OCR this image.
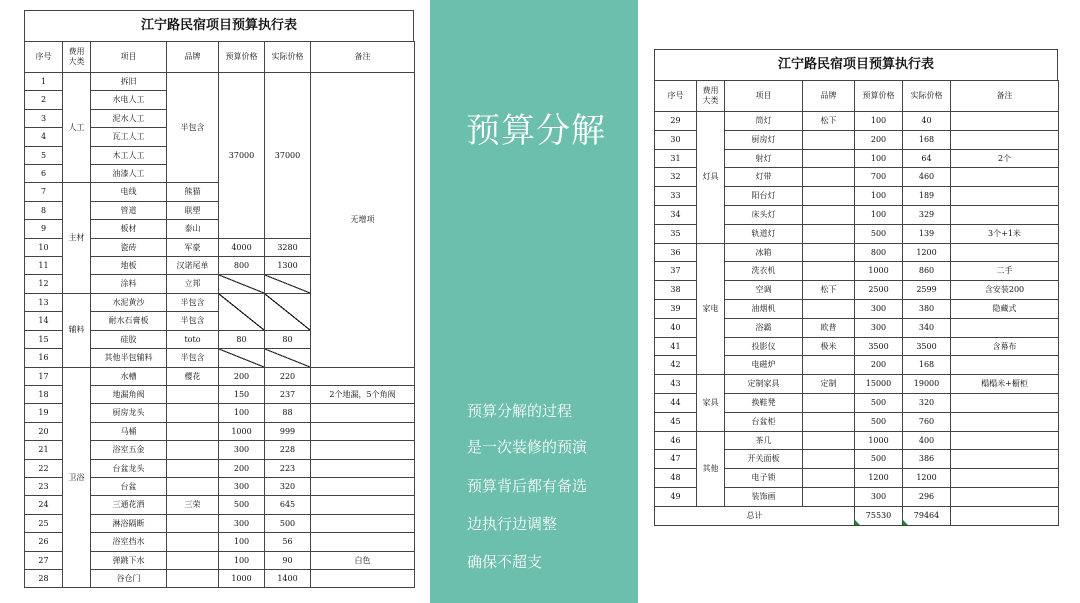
江宁路民宿项目预算执行表
序号	费用大类	项目	品牌	预算价格	实际价格	备注
1	人工	拆旧	半包含	37000	37000	无增项
2		水电人工				
3		泥水人工				
4		瓦工人工				
5		木工人工				
6		油漆人工				
7	主材	电线	熊猫			
8		管道	联塑			
9		板材	泰山			
10		瓷砖	军豪	4000	3280	
11		地板	汉诺尾单	800	1300	
12		涂料	立邦			
13	辅料	水泥黄沙	半包含			
14		耐水石膏板	半包含			
15		硅胶	toto	80	80	
16		其他半包辅料	半包含			
17	卫浴	水槽	樱花	200	220	
18		地漏角阀		150	237	2个地漏，5个角阀
19		厨房龙头		100	88	
20		马桶		1000	999	
21		浴室五金		300	228	
22		台盆龙头		200	223	
23		台盆		300	320	
24		三通花洒	三荣	500	645	
25		淋浴隔断		300	500	
26		浴室挡水		100	56	
27		弹跳下水		100	90	白色
28		谷仓门		1000	1400	
预算分解
预算分解的过程
是一次装修的预演
预算背后都有备选
边执行边调整
确保不超支
江宁路民宿项目预算执行表
序号	费用大类	项目	品牌	预算价格	实际价格	备注
29	灯具	筒灯	松下	100	40	
30		厨房灯		200	168	
31		射灯		100	64	2个
32		灯带		700	460	
33		阳台灯		100	189	
34		床头灯		100	329	
35		轨道灯		500	139	3个+1米
36	家电	冰箱		800	1200	
37		洗衣机		1000	860	二手
38		空调	松下	2500	2599	含安装200
39		油烟机		300	380	隐藏式
40		浴霸	欧普	300	340	
41		投影仪	极米	3500	3500	含幕布
42		电磁炉		200	168	
43	家具	定制家具	定制	15000	19000	榻榻米+橱柜
44		换鞋凳		500	320	
45		台盆柜		500	760	
46	其他	茶几		1000	400	
47		开关面板		500	386	
48		电子锁		1200	1200	
49		装饰画		300	296	
总计				75530	79464	
